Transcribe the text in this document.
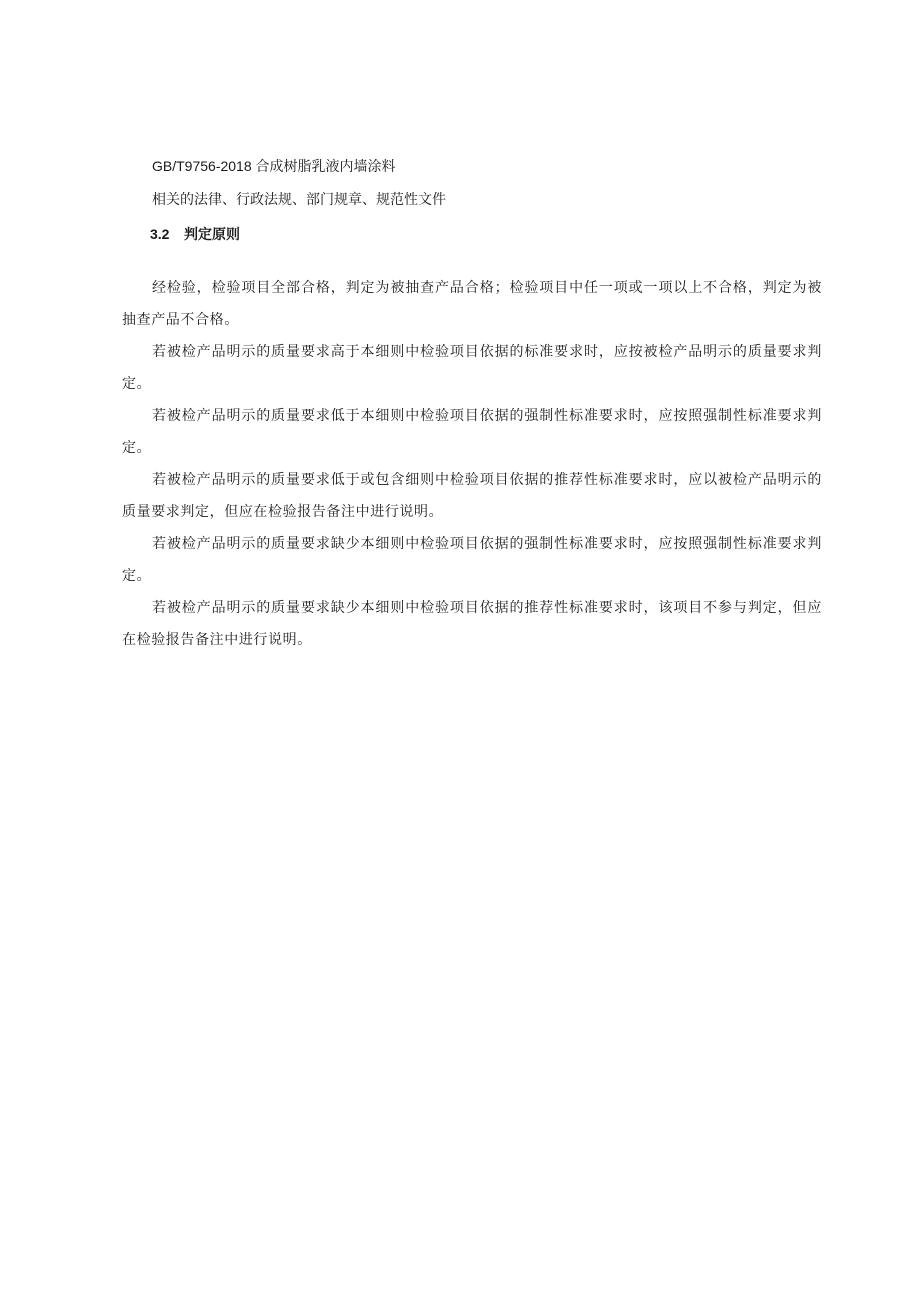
GB/T9756-2018 合成树脂乳液内墙涂料
相关的法律、行政法规、部门规章、规范性文件
3.2 判定原则

经检验，检验项目全部合格，判定为被抽查产品合格；检验项目中任一项或一项以上不合格，判定为被抽查产品不合格。

若被检产品明示的质量要求高于本细则中检验项目依据的标准要求时，应按被检产品明示的质量要求判定。

若被检产品明示的质量要求低于本细则中检验项目依据的强制性标准要求时，应按照强制性标准要求判定。

若被检产品明示的质量要求低于或包含细则中检验项目依据的推荐性标准要求时，应以被检产品明示的质量要求判定，但应在检验报告备注中进行说明。

若被检产品明示的质量要求缺少本细则中检验项目依据的强制性标准要求时，应按照强制性标准要求判定。

若被检产品明示的质量要求缺少本细则中检验项目依据的推荐性标准要求时，该项目不参与判定，但应在检验报告备注中进行说明。
